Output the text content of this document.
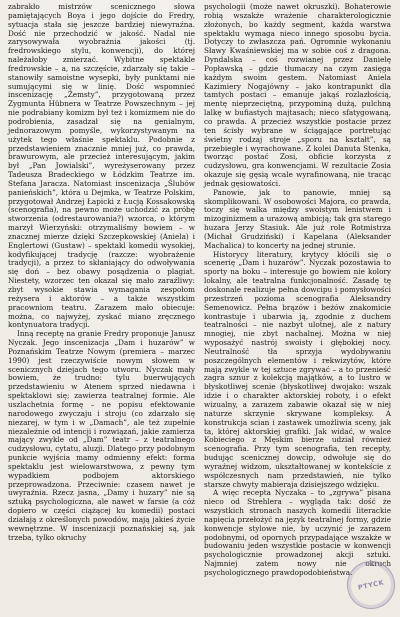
zabrakło mistrzów scenicznego słowa pamiętających Boya i jego dojście do Fredry, sytuacja stała się jeszcze bardziej niewyraźna. Dość nie przechodzić w jakość. Nadal nie zarysowywała wyobraźnia jakości (tj. fredrowskiego stylu, konwencji), do której należałoby zmierzać. Wybitne spektakle fredrowskie – a, na szczęście, zdarzały się takie – stanowiły samoistne wysepki, były punktami nie sumującymi się w linię. Dość wspomnieć inscenizację „Zemsty”, przygotowaną przez Zygmunta Hübnera w Teatrze Powszechnym – jej nie podrabiany komizm był też i komizmem nie do podrobienia, zasadzał się na genialnym, jednorazowym pomyśle, wykorzystywanym na użytek tego właśnie spektaklu. Podobnie z przedstawieniem znacznie mniej już, co prawda, brawurowym, ale przecież interesującym, jakim był „Pan Jowialski”, wyreżyserowany przez Tadeusza Bradeckiego w Łódzkim Teatrze im. Stefana Jaracza. Natomiast inscenizacja „Ślubów panieńskich”, która u Dejmka, w Teatrze Polskim, przygotował Andrzej Łapicki z Łucją Kossakowską (scenografia), na pewno może uchodzić za próbę stworzenia (odrestaurowania?) wzorca, o którym marzył Wierzyński: otrzymaliśmy bowiem – w znacznej mierze dzięki Szczepkowskiej (Aniela) i Englertowi (Gustaw) – spektakl komedii wysokiej, kodyfikującej tradycję (razcze: wyobrażenie tradycji), a przez to skłaniający do odwoływania się doń – bez obawy posądzenia o plagiat. Niestety, wzorzec ten okazał się mało zaraźliwy: zbyt wysokie stawia wymagania zespołom reżysera i aktorów – a także wszystkim pracowniom teatru. Zarazem mało obiecuje: można, co najwyżej, zyskać miano zręcznego kontynuatora tradycji.

Inną receptę na granie Fredry proponuje Janusz Nyczak. Jego inscenizacja „Dam i huzarów” w Poznańskim Teatrze Nowym (premiera – marzec 1990) jest rzeczywiście nowym słowem w scenicznych dziejach tego utworu. Nyczak mały bowiem, że trudno: tylu buerwujących przedstawieniu w Atenem sprzed niedawna i spektaklowi się; zawierza teatralnej formie. Ale uszlachetnia formę – ne popisu efektowanie narodowego zwyczaju i stroju (co zdarzało się niezarej, w tym i w „Damach”, ale też zupełnie niezależnie od intencji i rozwiązań, jakie zamierza mający zwykle od „Dam” teatr – z teatralnego cudzysłowu, cytatu, aluzji. Dlatego przy podobnym punkcie wyjścia mamy odmienny efekt: forma spektaklu jest wielowarstwowa, z pewny tym wypadkiem podbojem aktorskiego przeprowadzona. Przeciwnie: czasem nawet je uwyraźnia. Rzecz jasna, „Damy i huzary” nie są sztuką psychologiczna, ale nawet w farsie (a cóż dopiero w części ciążącej ku komedii) postaci działają z określonych powodów, mają jakieś życie wewnętrzne. W inscenizacji poznańskiej są, jak trzeba, tylko okruchy

psychologii (może nawet okruszki). Bohaterowie robią wszakże wrażenie charakterologicznie złożonych, bo każdy segment, każda warstwa spektaklu wymaga nieco innego sposobu bycia. Dotyczy to zwłaszcza pań. Ogromnie wykonaniu Sławy Kwaśniewskiej ma w sobie coś z dragona. Dyndalska – coś rozwianej przez Danielę Popławską – gdzie tłumaczy na czym zasięga każdym swoim gestem. Natomiast Aniela Kazimiery Nogajówny – jako kontrapunkt dla tamtych postaci – emanuje jakąś rozlazłością, mentę nieprzeciętną, przypominą dużą, pulchną lalkę w bufiastych majtasach; nieco sfatygowaną, co prawda. A przecież wszystkie postacie przez ten ścisły wybrane w ściągające portretując świetny rodzaj stroje „sporu na kształt”, są przebiegłe i wyrachowane. Z kolei Danuta Stenka, tworząc postać Zosi, obficie korzysta z cudzysłowu, gra konwencjami. W rezultacie Zosia okazuje się gęsią wcale wyrafinowaną, nie tracąc jednak gęsiowatości.

Panowie, jak to panowie, mniej są skomplikowani. W osobowości Majora, co prawda, toczy się walka między swoistym lenistwem i mizoginizmem a urazową ambicją; tak gra starego huzara Jerzy Stasiuk. Ale już role Rotmistrza (Michał Grudziński) i Kapelana (Aleksander Machalica) to koncerty na jednej strunie.

Historycy literatury, krytycy kłócili się o scenerię „Dam i huzarów”. Nyczak pozostawia to sporty na boku – interesuje go bowiem nie kolory lokalny, ale teatralna funkcjonalność. Zasadę tę doskonale realizuje pełna dowcipu i pomysłowości przestrzeń pozioma scenografia Aleksandry Semenowicz. Pełna brązów i beżów znakomicie kontrastuje i ubarwia ją, zgodnie z duchem teatralności – nie nazbyt ulotnej, ale z natury mnogiej, nie zbyt nachalnej. Można w niej wyposażyć nastrój swoisty i głębokiej nocy. Neutralność tła sprzyja wydobywaniu poszczególnych elementów i rekwizytów, które mają zwykle w tej sztuce zgrywać – a to przenieść zagra sznur z kolekcją majątków, a to lustro w błyskotliwej scenie (błyskotliwej dwojako: wszak idzie i o charakter aktorskiej roboty, i o efekt wizualny, a zarazem zabawie okazał się w niej naturze skrzynie skrywane kompleksy. A konstrukcja scian i zastawek umożliwia sceny, jak ta, której aktorskiej grafiki. Jak widać, w walce Kobieciego z Męskim bierze udział również scenografia. Przy tym scenografia, ten recepty, budując scenicznej dowcip, odwołuje się do wyraźnej widzom, ukształtowanej w kontekście z współczesnych nam przedstawień, nie tylko starsze chwyty mabieraja dzisiejszego wdzięku.

A więc recepta Nyczaka – to „zgrywa” pisana nieco od Strehlera – wygląda tak: dość że wszystkich stronach naszych komedii literackie napięcia przełożyć na język teatralnej formy, gdzie konwencje stylowe nie, by uczynić je zarazem podobnymi, od opornych przypadające wszakże w budowaniu jeden wszystkie postacie w konwencji psychologicznie prowadzonej akcji sztuki. Najmniej zatem nowy nie okruch psychologicznego prawdopodobieństwa.

PTYCK
